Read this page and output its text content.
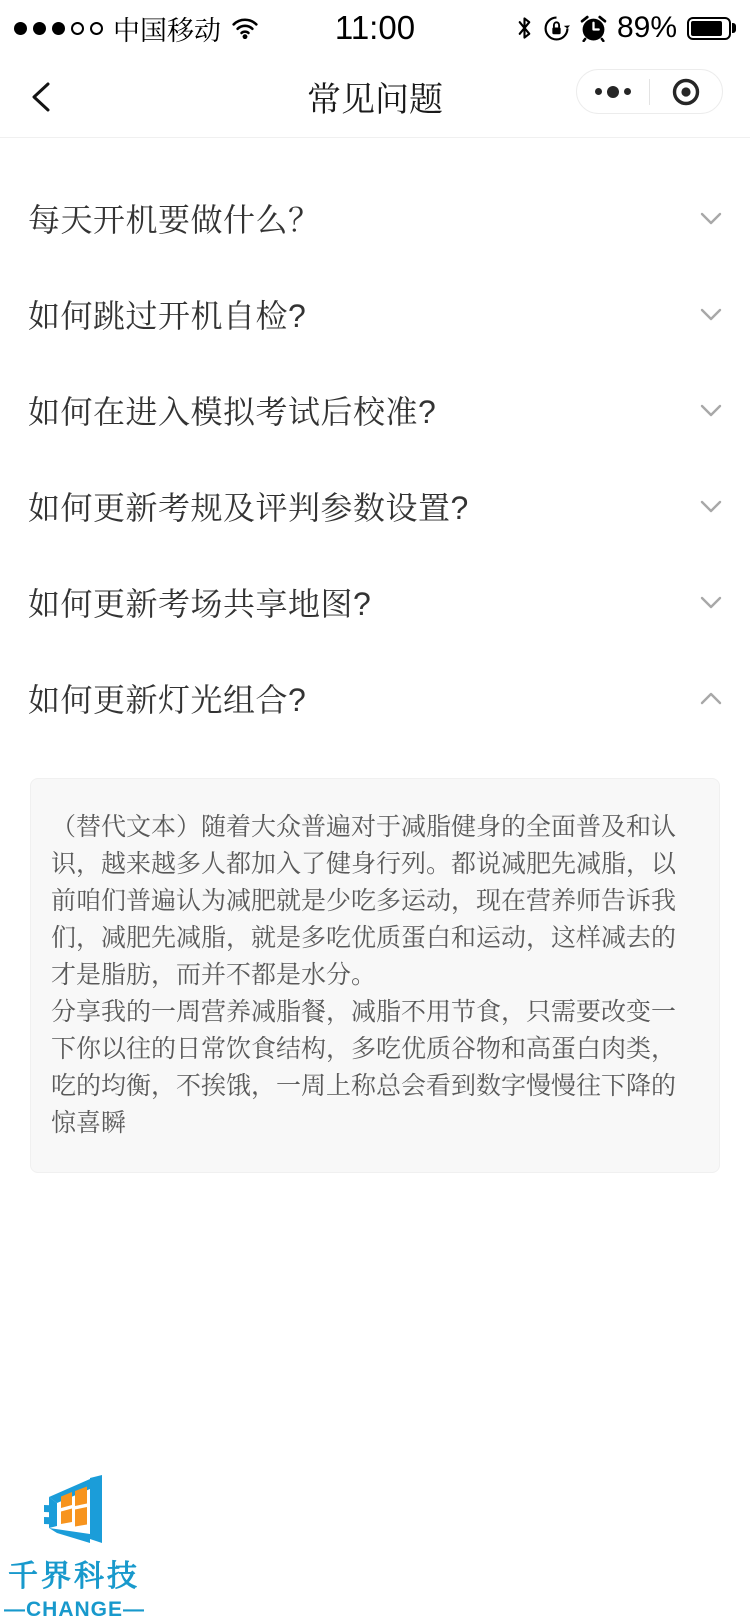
中国移动	11:00	89%
常见问题
每天开机要做什么？
如何跳过开机自检?
如何在进入模拟考试后校准?
如何更新考规及评判参数设置?
如何更新考场共享地图?
如何更新灯光组合?

（替代文本）随着大众普遍对于减脂健身的全面普及和认识，越来越多人都加入了健身行列。都说减肥先减脂，以前咱们普遍认为减肥就是少吃多运动，现在营养师告诉我们，减肥先减脂，就是多吃优质蛋白和运动，这样减去的才是脂肪，而并不都是水分。

分享我的一周营养减脂餐，减脂不用节食，只需要改变一下你以往的日常饮食结构，多吃优质谷物和高蛋白肉类，吃的均衡，不挨饿，一周上称总会看到数字慢慢往下降的惊喜瞬

千界科技
—CHANGE—
